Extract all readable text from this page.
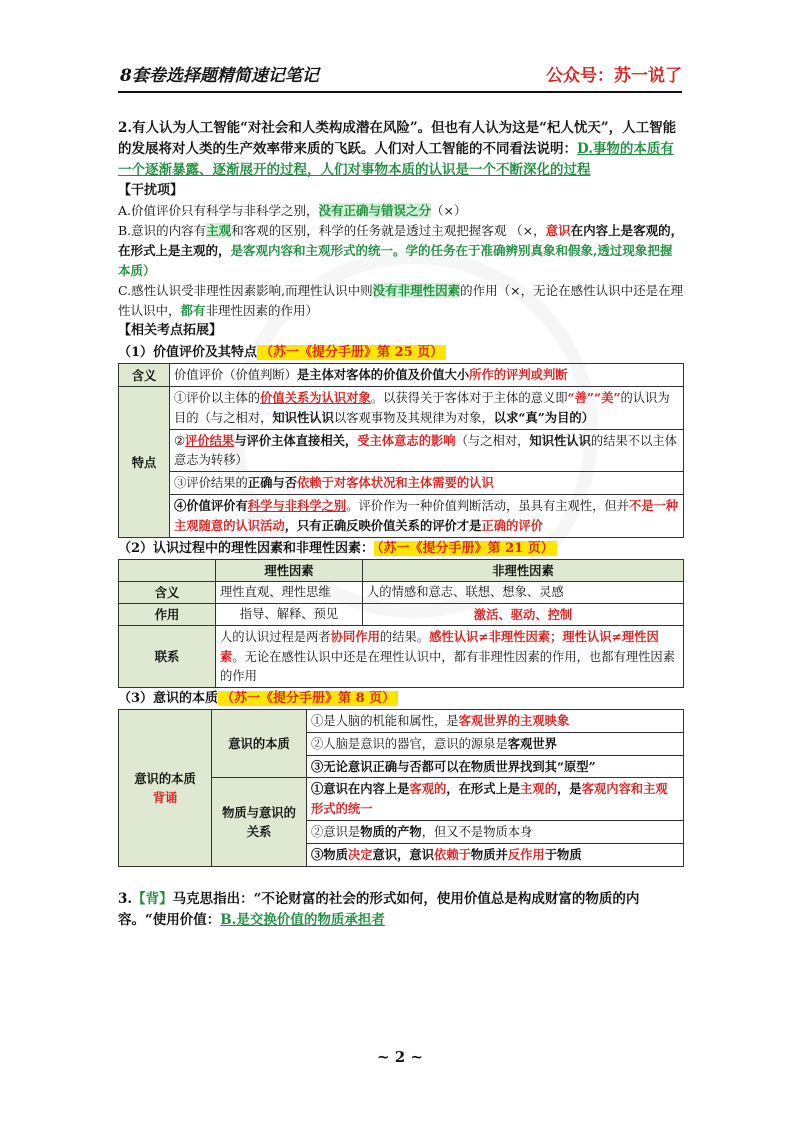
8套卷选择题精简速记笔记	公众号：苏一说了
2.有人认为人工智能“对社会和人类构成潜在风险”。但也有人认为这是“杞人忧天”，人工智能的发展将对人类的生产效率带来质的飞跃。人们对人工智能的不同看法说明：D.事物的本质有一个逐渐暴露、逐渐展开的过程，人们对事物本质的认识是一个不断深化的过程
【干扰项】
A.价值评价只有科学与非科学之别，没有正确与错误之分（×）
B.意识的内容有主观和客观的区别，科学的任务就是透过主观把握客观 （×，意识在内容上是客观的，在形式上是主观的，是客观内容和主观形式的统一。学的任务在于准确辨别真象和假象,透过现象把握本质）
C.感性认识受非理性因素影响,而理性认识中则没有非理性因素的作用（×，无论在感性认识中还是在理性认识中，都有非理性因素的作用）
【相关考点拓展】
（1）价值评价及其特点 （苏一《提分手册》第 25 页）
含义	价值评价（价值判断）是主体对客体的价值及价值大小所作的评判或判断
特点	①评价以主体的价值关系为认识对象。以获得关于客体对于主体的意义即“善”“美”的认识为目的（与之相对，知识性认识以客观事物及其规律为对象，以求“真”为目的）
	②评价结果与评价主体直接相关，受主体意志的影响（与之相对，知识性认识的结果不以主体意志为转移）
	③评价结果的正确与否依赖于对客体状况和主体需要的认识
	④价值评价有科学与非科学之别。评价作为一种价值判断活动，虽具有主观性，但并不是一种主观随意的认识活动，只有正确反映价值关系的评价才是正确的评价
（2）认识过程中的理性因素和非理性因素： （苏一《提分手册》第 21 页）
	理性因素	非理性因素
含义	理性直观、理性思维	人的情感和意志、联想、想象、灵感
作用	指导、解释、预见	激活、驱动、控制
联系	人的认识过程是两者协同作用的结果。感性认识≠非理性因素；理性认识≠理性因素。无论在感性认识中还是在理性认识中，都有非理性因素的作用，也都有理性因素的作用	
（3）意识的本质 （苏一《提分手册》第 8 页）
意识的本质
背诵	意识的本质	①是人脑的机能和属性，是客观世界的主观映象
		②人脑是意识的器官，意识的源泉是客观世界
		③无论意识正确与否都可以在物质世界找到其“原型”
	物质与意识的关系	①意识在内容上是客观的，在形式上是主观的，是客观内容和主观形式的统一
		②意识是物质的产物，但又不是物质本身
		③物质决定意识，意识依赖于物质并反作用于物质
3.【背】马克思指出：“不论财富的社会的形式如何，使用价值总是构成财富的物质的内容。“使用价值：B.是交换价值的物质承担者
~ 2 ~
